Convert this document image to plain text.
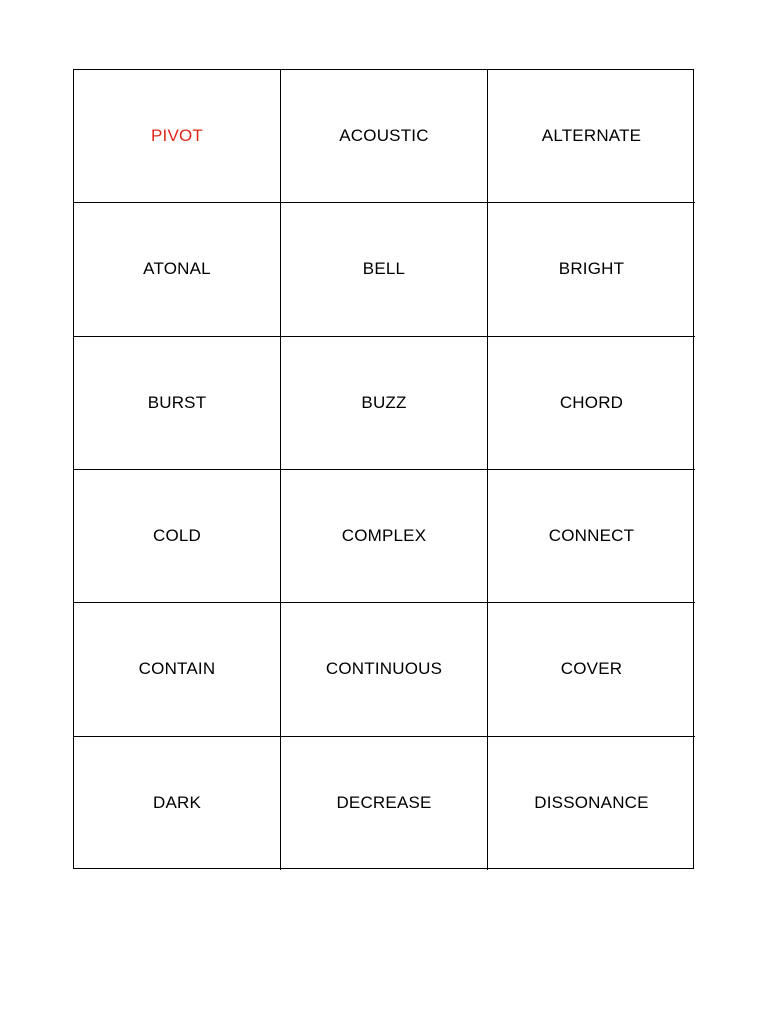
PIVOT	ACOUSTIC	ALTERNATE
ATONAL	BELL	BRIGHT
BURST	BUZZ	CHORD
COLD	COMPLEX	CONNECT
CONTAIN	CONTINUOUS	COVER
DARK	DECREASE	DISSONANCE
